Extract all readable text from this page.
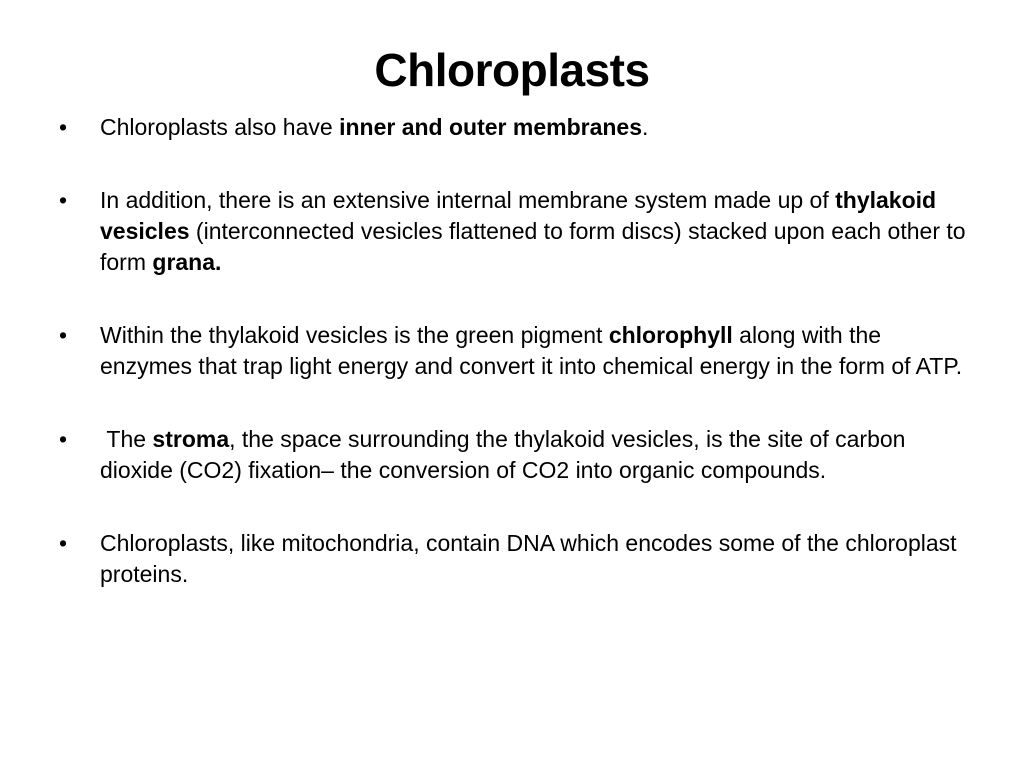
Chloroplasts
•	Chloroplasts also have inner and outer membranes.
•	In addition, there is an extensive internal membrane system made up of thylakoid vesicles (interconnected vesicles flattened to form discs) stacked upon each other to form grana.
•	Within the thylakoid vesicles is the green pigment chlorophyll along with the enzymes that trap light energy and convert it into chemical energy in the form of ATP.
•	The stroma, the space surrounding the thylakoid vesicles, is the site of carbon dioxide (CO2) fixation– the conversion of CO2 into organic compounds.
•	Chloroplasts, like mitochondria, contain DNA which encodes some of the chloroplast proteins.
